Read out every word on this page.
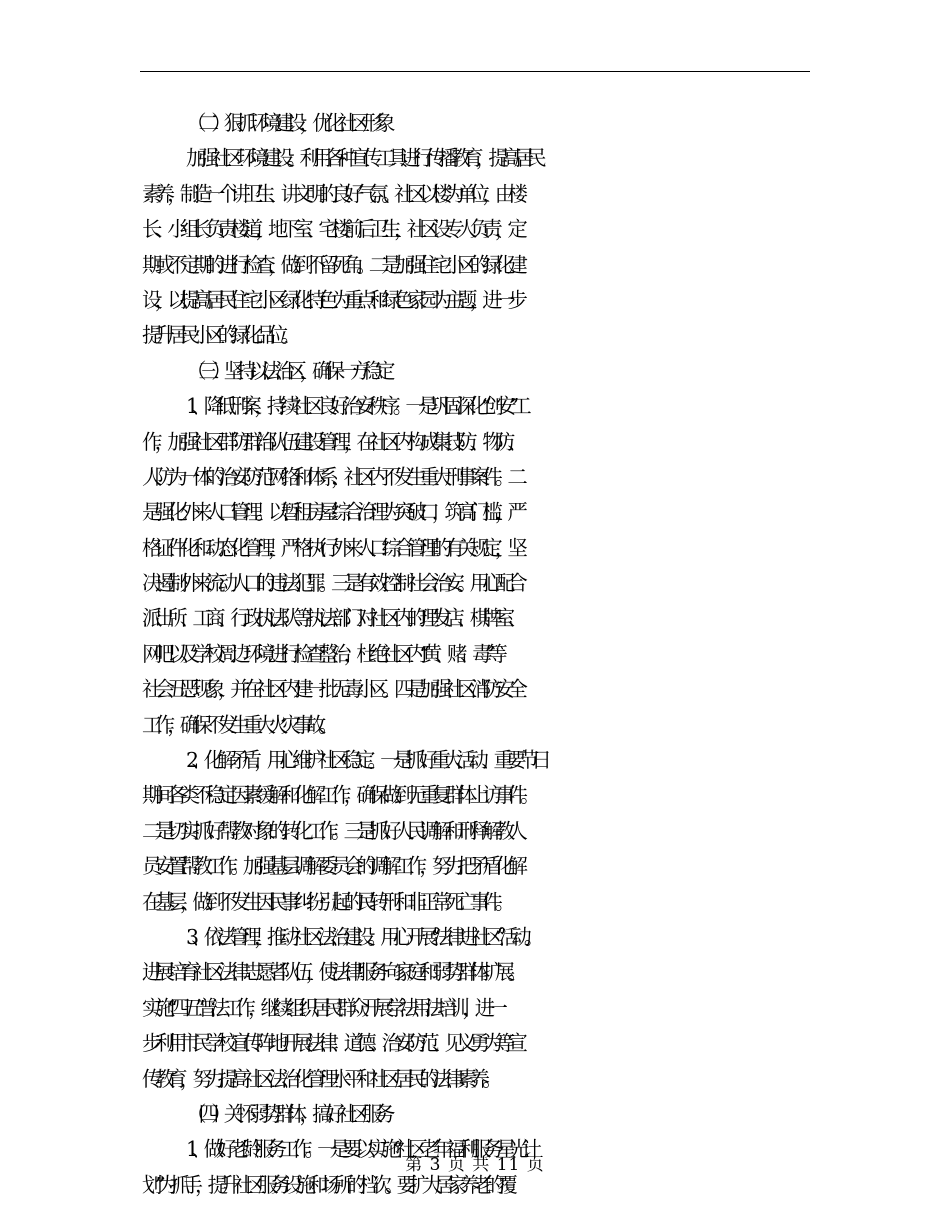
（二）狠抓环境建设，优化社区形象
加强社区环境建设。利用各种宣传工具进行传播教育，提高居民
素养，制造一个讲卫生、讲文明的良好气氛。社区以楼为单位，由楼
长、小组长负责楼道，地下室、宅楼前后卫生，社区设专人负责，定
期或不定期的进行检查，做到不留死角。二是加强住宅小区的绿化建
设，以提高居民住宅小区绿化特色为重点和绿色家园为主题，进一步
提升居民小区的绿化品位。
（三）坚持以法治区，确保一方稳定
1、降低刑案，持续社区良好治安秩序。一是巩固深化“创安”工
作，加强社区群防群治队伍建设管理，在社区内构成集技防、物防、
人防为一体的治安防范网络和体系，社区内不发生重大刑事案件。二
是强化外来人口管理。以暂租房屋综合治理为突破口，筑高门槛，严
格证件化和动态化管理，严格执行外来人口综合管理的有关规定，坚
决遏制外来流动人口的违法犯罪。三是有效控制社会治安。用心配合
派出所、工商、行政执法队等执法部门对社区内的理发店、棋牌室、
网吧以及学校周边环境进行检查整治，杜绝社区内“黄、赌、毒”等
社会丑恶现象，并在社区内建一批无毒小区。四是加强社区消防安全
工作，确保不发生重大火灾事故。
2、化解矛盾，用心维护社区稳定。一是抓好重大活动、重要节日
期间各类不稳定因素缓解和化解工作，确保做到无重复群体上访事件。
二是切实抓好帮教对象的转化工作。三是抓好人民调解和刑释解教人
员安置帮教工作。加强基层调解委员会的调解工作，努力把矛盾化解
在基层，做到不发生因民事纠纷引起的民转刑和非正常死亡事件。
3、依法管理，推动社区法治建设。用心开展“法律进社区”活动。
进展培育社区法律志愿者队伍，使法律服务向家庭和弱势群体扩展。
实施“四五”普法工作，继续组织居民群众开展学法用法培训，进一
步利用市民学校宣传阵地开展法律、道德、治安防范、见义勇为等宣
传教育，努力提高社区法治化管理水平和社区居民的法律素养。
（四）关怀弱势群体，搞好社区服务
1、做好老龄服务工作。一是要以实施“社区老年福利服务星光计
划”为抓手，提升社区服务设施和场所的档次。要扩大居家养老的覆
第 3 页 共 11 页
